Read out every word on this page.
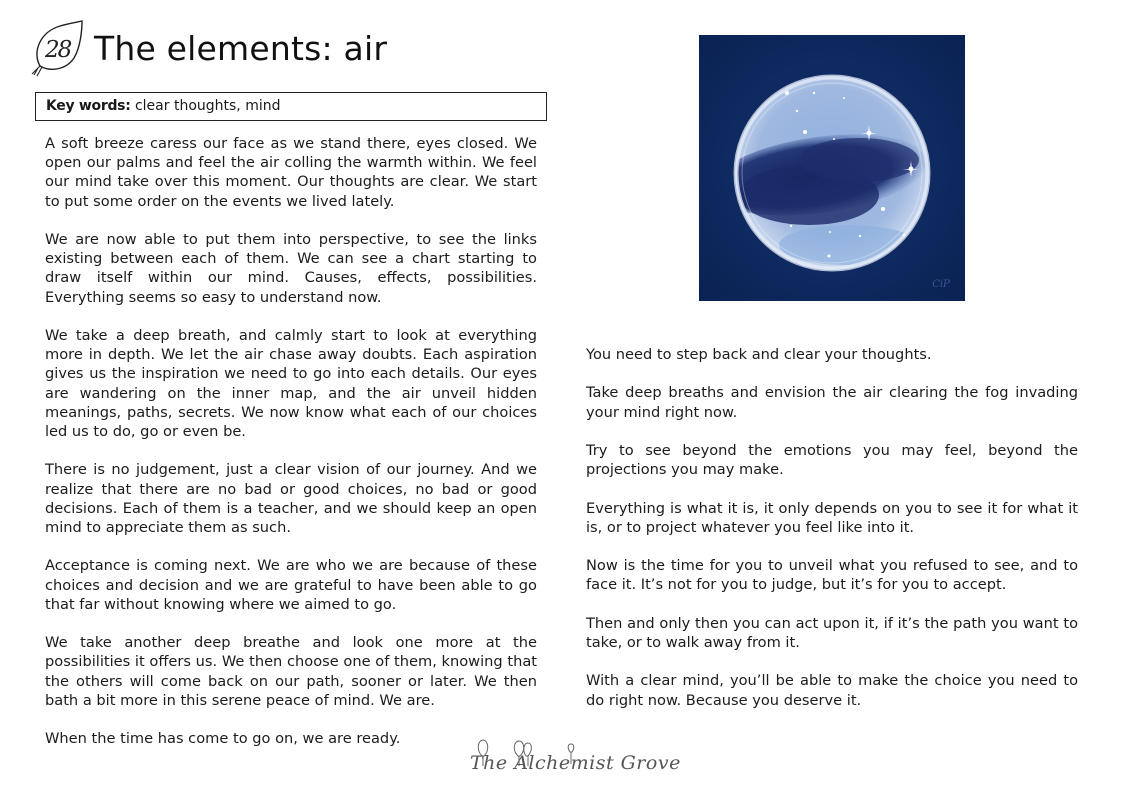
28 The elements: air
Key words: clear thoughts, mind

A soft breeze caress our face as we stand there, eyes closed. We open our palms and feel the air colling the warmth within. We feel our mind take over this moment. Our thoughts are clear. We start to put some order on the events we lived lately.

We are now able to put them into perspective, to see the links existing between each of them. We can see a chart starting to draw itself within our mind. Causes, effects, possibilities. Everything seems so easy to understand now.

We take a deep breath, and calmly start to look at everything more in depth. We let the air chase away doubts. Each aspiration gives us the inspiration we need to go into each details. Our eyes are wandering on the inner map, and the air unveil hidden meanings, paths, secrets. We now know what each of our choices led us to do, go or even be.

There is no judgement, just a clear vision of our journey. And we realize that there are no bad or good choices, no bad or good decisions. Each of them is a teacher, and we should keep an open mind to appreciate them as such.

Acceptance is coming next. We are who we are because of these choices and decision and we are grateful to have been able to go that far without knowing where we aimed to go.

We take another deep breathe and look one more at the possibilities it offers us. We then choose one of them, knowing that the others will come back on our path, sooner or later. We then bath a bit more in this serene peace of mind. We are.

When the time has come to go on, we are ready.

CiP

You need to step back and clear your thoughts.

Take deep breaths and envision the air clearing the fog invading your mind right now.

Try to see beyond the emotions you may feel, beyond the projections you may make.

Everything is what it is, it only depends on you to see it for what it is, or to project whatever you feel like into it.

Now is the time for you to unveil what you refused to see, and to face it. It’s not for you to judge, but it’s for you to accept.

Then and only then you can act upon it, if it’s the path you want to take, or to walk away from it.

With a clear mind, you’ll be able to make the choice you need to do right now. Because you deserve it.

The Alchemist Grove
